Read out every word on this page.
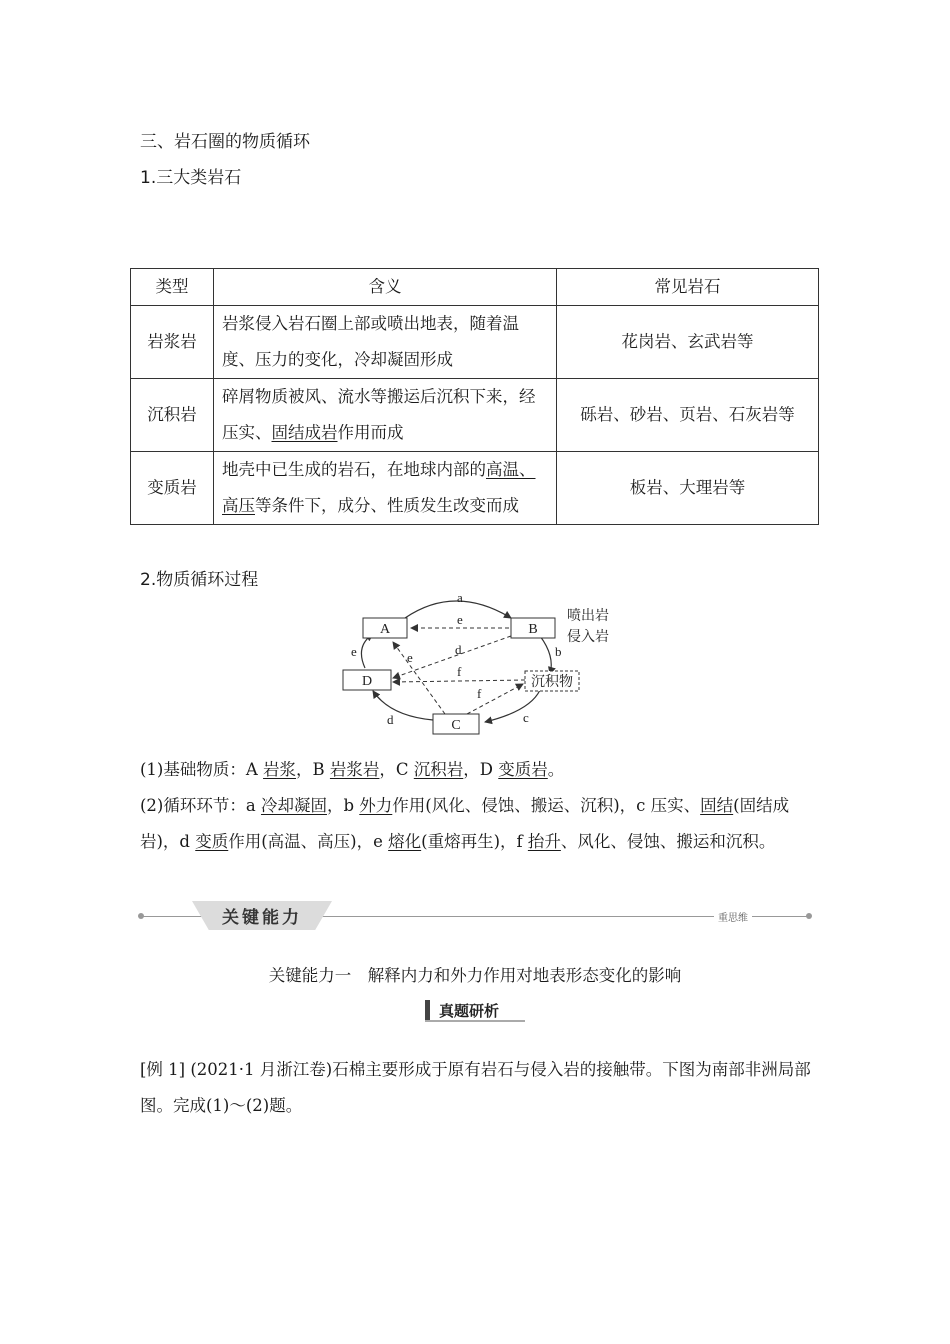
三、岩石圈的物质循环
1.三大类岩石
类型	含义	常见岩石
岩浆岩	岩浆侵入岩石圈上部或喷出地表，随着温度、压力的变化，冷却凝固形成	花岗岩、玄武岩等
沉积岩	碎屑物质被风、流水等搬运后沉积下来，经压实、固结成岩作用而成	砾岩、砂岩、页岩、石灰岩等
变质岩	地壳中已生成的岩石，在地球内部的高温、高压等条件下，成分、性质发生改变而成	板岩、大理岩等
2.物质循环过程
A	B
D
C
沉积物
喷出岩
侵入岩
a
e
d
f
b
c
d
e	e
f
(1)基础物质：A 岩浆，B 岩浆岩，C 沉积岩，D 变质岩。
(2)循环环节：a 冷却凝固，b 外力作用(风化、侵蚀、搬运、沉积)，c 压实、固结(固结成岩)，d 变质作用(高温、高压)，e 熔化(重熔再生)，f 抬升、风化、侵蚀、搬运和沉积。
关键能力	重思维
关键能力一　解释内力和外力作用对地表形态变化的影响
真题研析
[例 1] (2021·1 月浙江卷)石棉主要形成于原有岩石与侵入岩的接触带。下图为南部非洲局部图。完成(1)～(2)题。
